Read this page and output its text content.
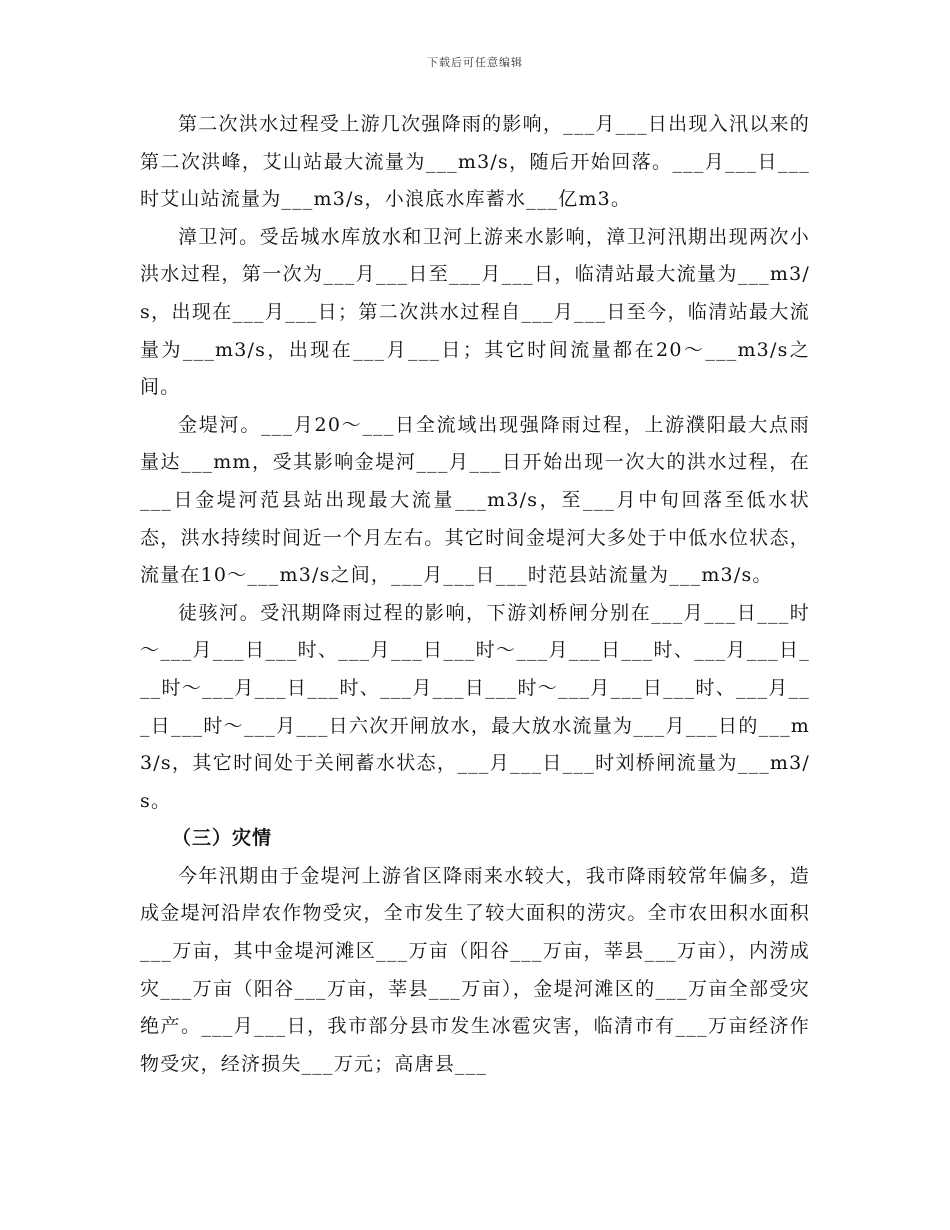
下载后可任意编辑

第二次洪水过程受上游几次强降雨的影响，___月___日出现入汛以来的第二次洪峰，艾山站最大流量为___m3/s，随后开始回落。___月___日___时艾山站流量为___m3/s，小浪底水库蓄水___亿m3。

漳卫河。受岳城水库放水和卫河上游来水影响，漳卫河汛期出现两次小洪水过程，第一次为___月___日至___月___日，临清站最大流量为___m3/s，出现在___月___日；第二次洪水过程自___月___日至今，临清站最大流量为___m3/s，出现在___月___日；其它时间流量都在20～___m3/s之间。

金堤河。___月20～___日全流域出现强降雨过程，上游濮阳最大点雨量达___mm，受其影响金堤河___月___日开始出现一次大的洪水过程，在___日金堤河范县站出现最大流量___m3/s，至___月中旬回落至低水状态，洪水持续时间近一个月左右。其它时间金堤河大多处于中低水位状态，流量在10～___m3/s之间，___月___日___时范县站流量为___m3/s。

徒骇河。受汛期降雨过程的影响，下游刘桥闸分别在___月___日___时～___月___日___时、___月___日___时～___月___日___时、___月___日___时～___月___日___时、___月___日___时～___月___日___时、___月___日___时～___月___日六次开闸放水，最大放水流量为___月___日的___m3/s，其它时间处于关闸蓄水状态，___月___日___时刘桥闸流量为___m3/s。

（三）灾情

今年汛期由于金堤河上游省区降雨来水较大，我市降雨较常年偏多，造成金堤河沿岸农作物受灾，全市发生了较大面积的涝灾。全市农田积水面积___万亩，其中金堤河滩区___万亩（阳谷___万亩，莘县___万亩），内涝成灾___万亩（阳谷___万亩，莘县___万亩），金堤河滩区的___万亩全部受灾绝产。___月___日，我市部分县市发生冰雹灾害，临清市有___万亩经济作物受灾，经济损失___万元；高唐县___
